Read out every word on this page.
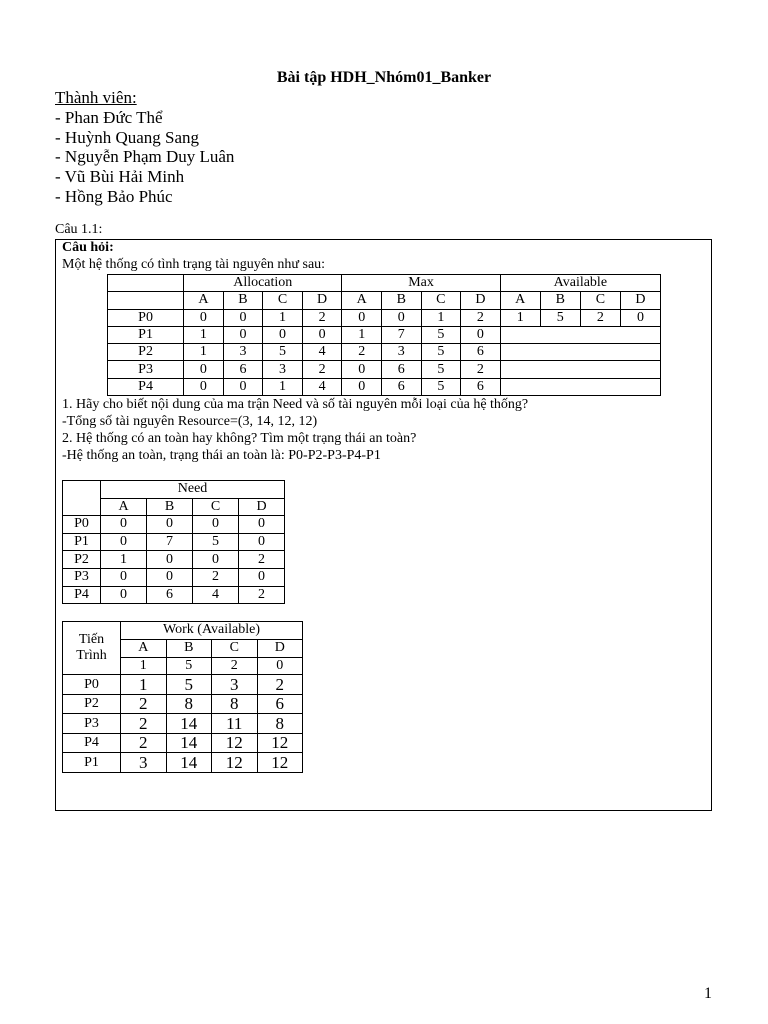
Bài tập HDH_Nhóm01_Banker
Thành viên:
- Phan Đức Thể
- Huỳnh Quang Sang
- Nguyễn Phạm Duy Luân
- Vũ Bùi Hải Minh
- Hồng Bảo Phúc
Câu 1.1:
Câu hỏi:
Một hệ thống có tình trạng tài nguyên như sau:
	Allocation				Max				Available			
	A	B	C	D	A	B	C	D	A	B	C	D
P0	0	0	1	2	0	0	1	2	1	5	2	0
P1	1	0	0	0	1	7	5	0				
P2	1	3	5	4	2	3	5	6				
P3	0	6	3	2	0	6	5	2				
P4	0	0	1	4	0	6	5	6				
1. Hãy cho biết nội dung của ma trận Need và số tài nguyên mỗi loại của hệ thống?
-Tổng số tài nguyên Resource=(3, 14, 12, 12)
2. Hệ thống có an toàn hay không? Tìm một trạng thái an toàn?
-Hệ thống an toàn, trạng thái an toàn là: P0-P2-P3-P4-P1
	Need			
	A	B	C	D
P0	0	0	0	0
P1	0	7	5	0
P2	1	0	0	2
P3	0	0	2	0
P4	0	6	4	2
Tiến
Trình	Work (Available)			
	A	B	C	D
	1	5	2	0
P0	1	5	3	2
P2	2	8	8	6
P3	2	14	11	8
P4	2	14	12	12
P1	3	14	12	12
1
